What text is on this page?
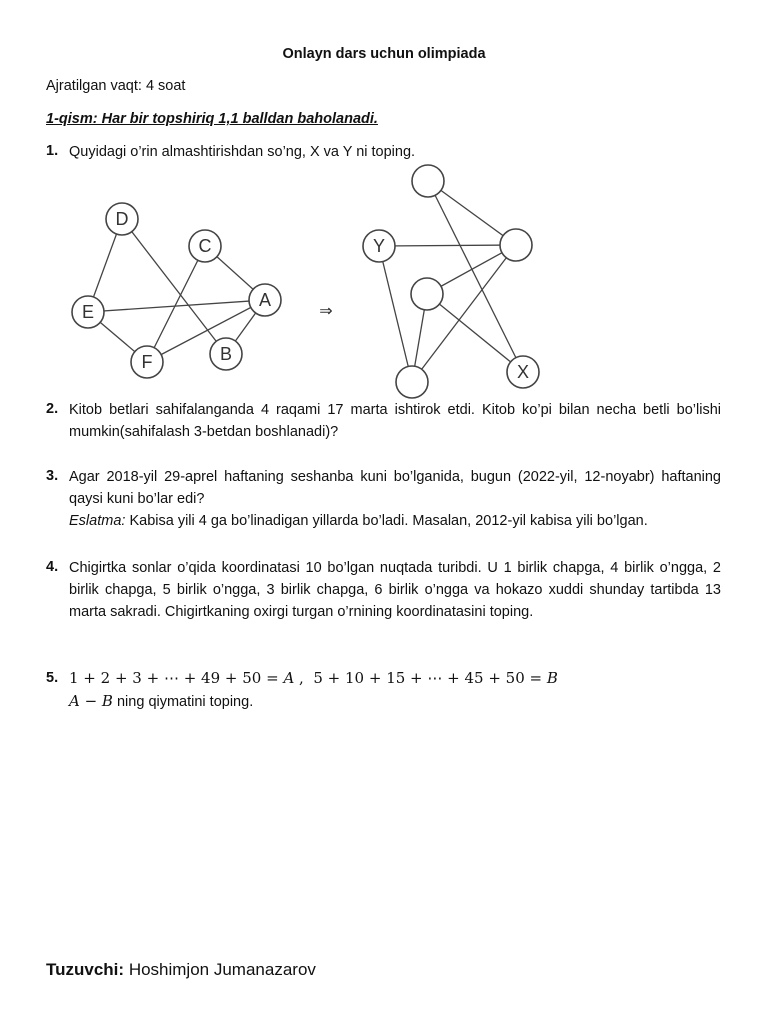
Onlayn dars uchun olimpiada
Ajratilgan vaqt: 4 soat
1-qism: Har bir topshiriq 1,1 balldan baholanadi.
1. Quyidagi o’rin almashtirishdan so’ng, X va Y ni toping.
D
C
A
E
F	B
Y
X
⇒
2. Kitob betlari sahifalanganda 4 raqami 17 marta ishtirok etdi. Kitob ko’pi bilan necha betli bo’lishi mumkin(sahifalash 3-betdan boshlanadi)?
3. Agar 2018-yil 29-aprel haftaning seshanba kuni bo’lganida, bugun (2022-yil, 12-noyabr) haftaning qaysi kuni bo’lar edi?
Eslatma: Kabisa yili 4 ga bo’linadigan yillarda bo’ladi. Masalan, 2012-yil kabisa yili bo’lgan.
4. Chigirtka sonlar o’qida koordinatasi 10 bo’lgan nuqtada turibdi. U 1 birlik chapga, 4 birlik o’ngga, 2 birlik chapga, 5 birlik o’ngga, 3 birlik chapga, 6 birlik o’ngga va hokazo xuddi shunday tartibda 13 marta sakradi. Chigirtkaning oxirgi turgan o’rnining koordinatasini toping.
5. 1 + 2 + 3 + ⋯ + 49 + 50 = A ,  5 + 10 + 15 + ⋯ + 45 + 50 = B
A − B ning qiymatini toping.
Tuzuvchi: Hoshimjon Jumanazarov
